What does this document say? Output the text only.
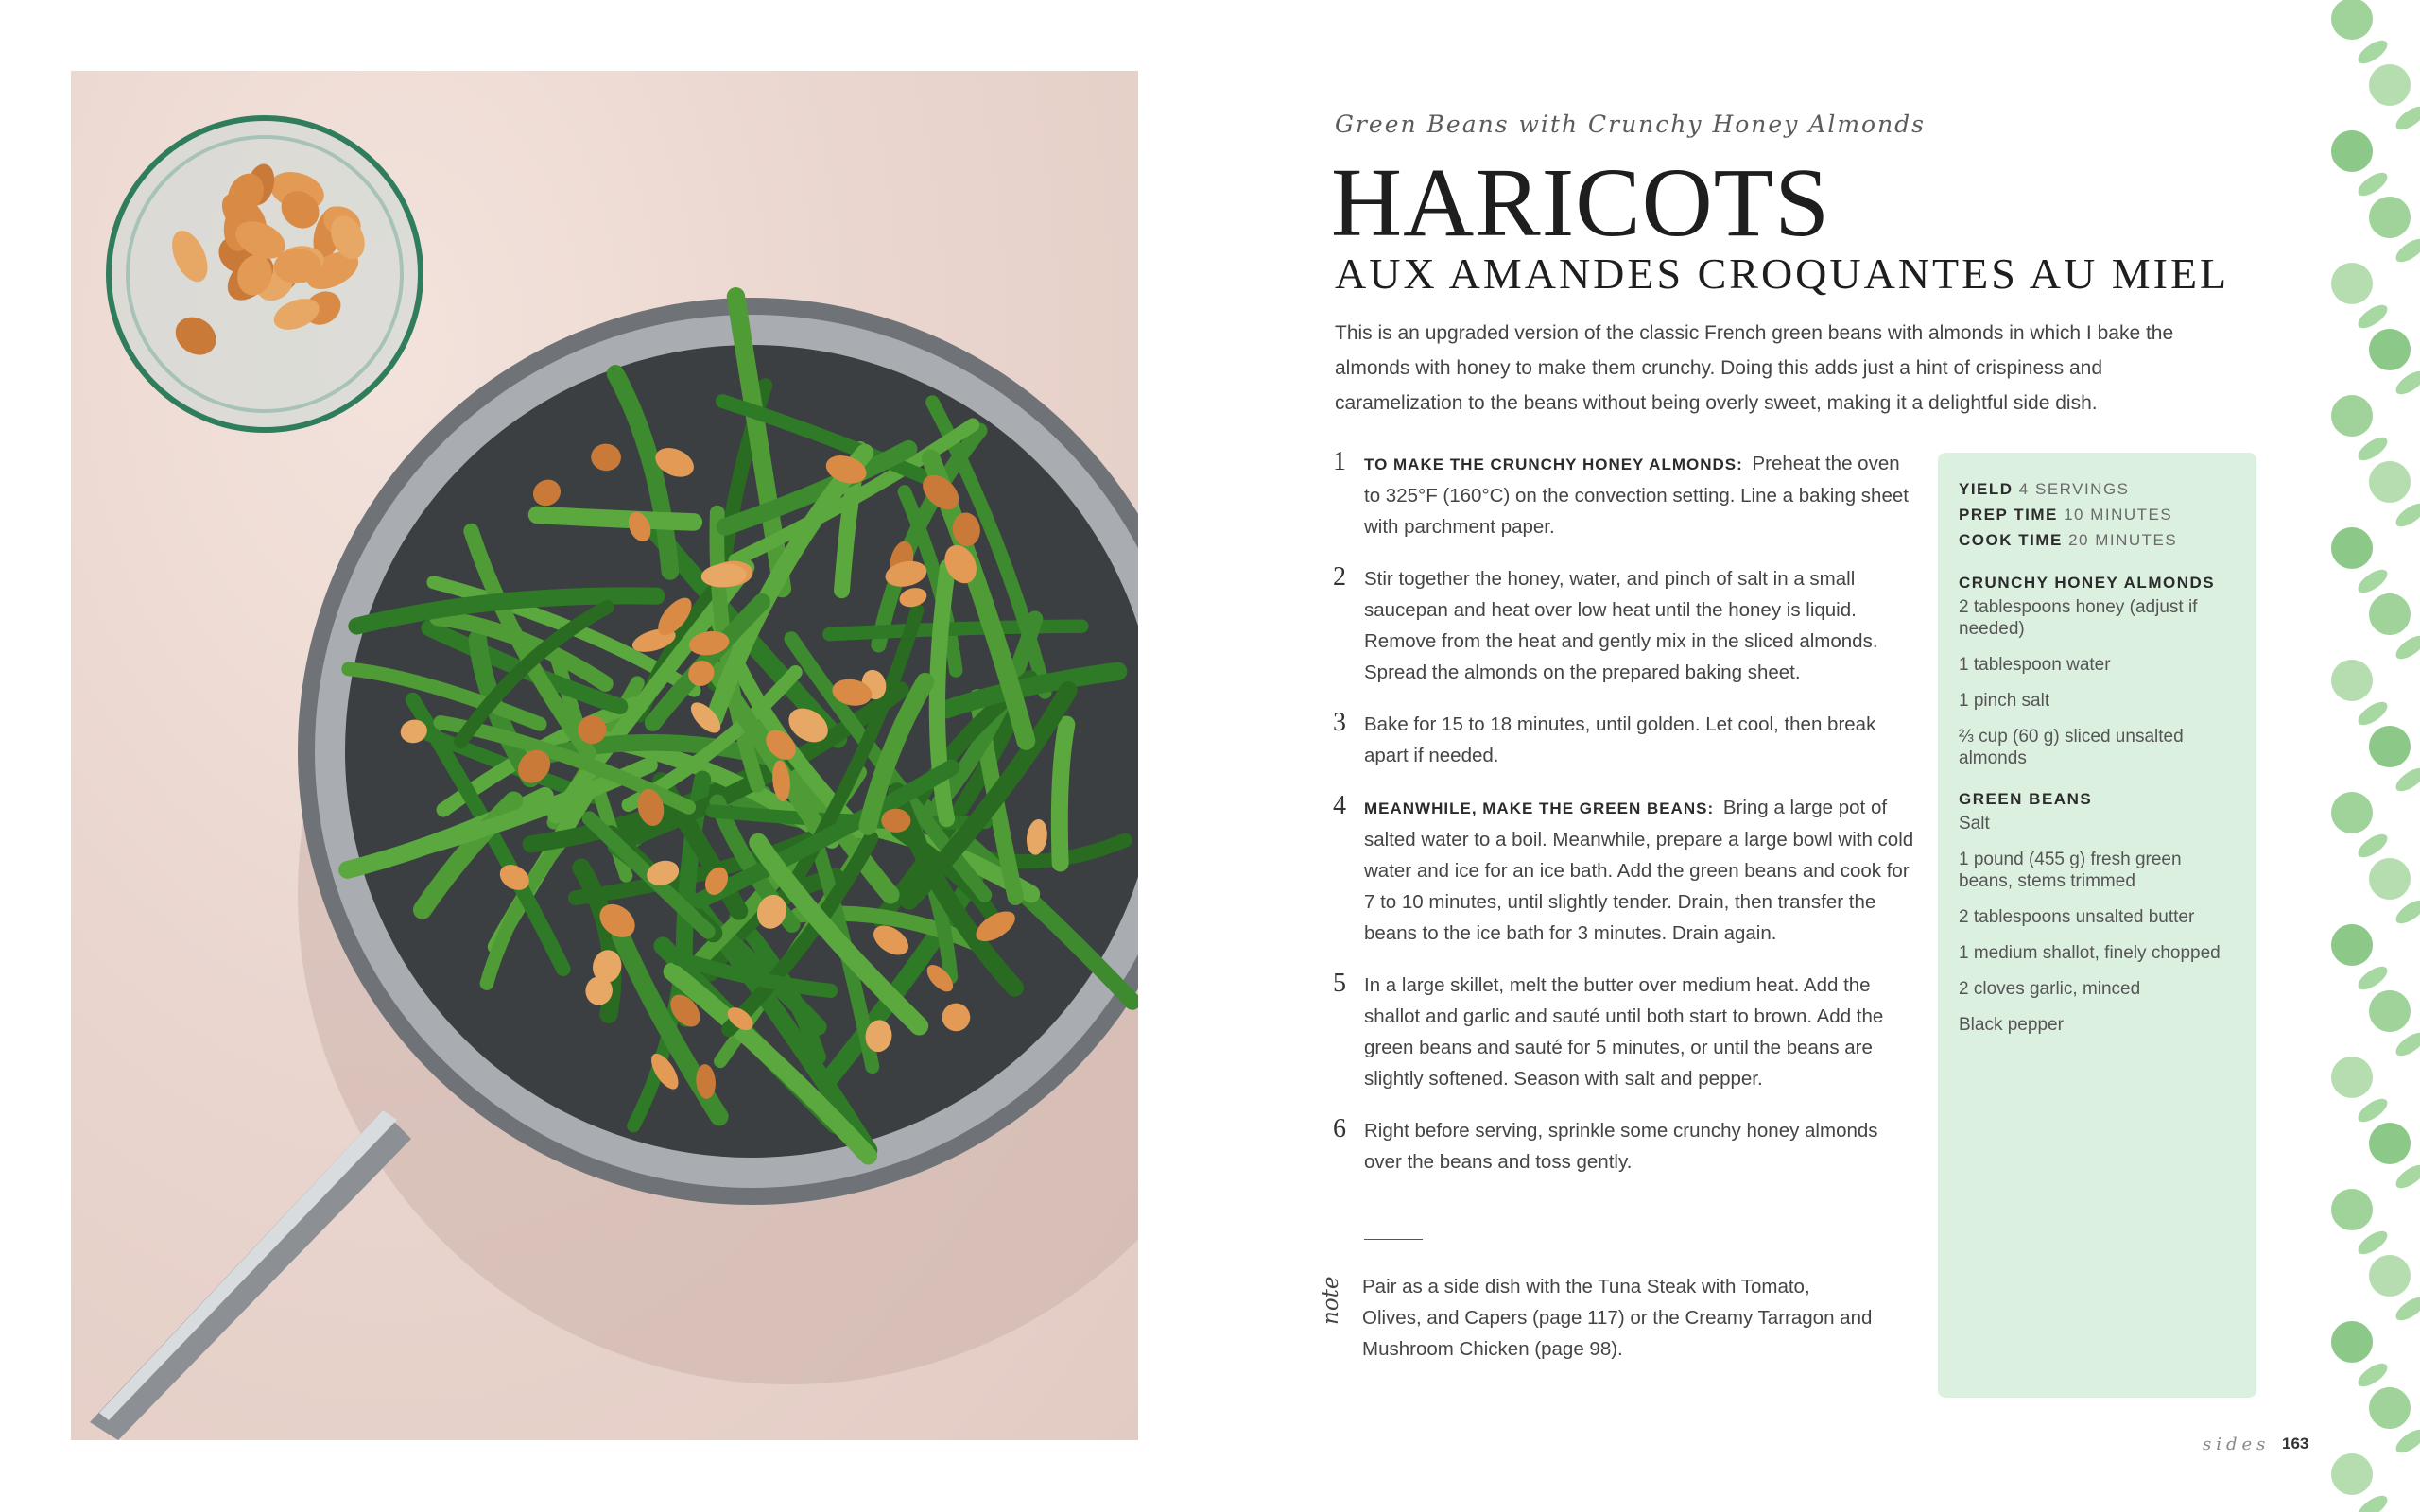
Green Beans with Crunchy Honey Almonds
HARICOTS
AUX AMANDES CROQUANTES AU MIEL
This is an upgraded version of the classic French green beans with almonds in which I bake the almonds with honey to make them crunchy. Doing this adds just a hint of crispiness and caramelization to the beans without being overly sweet, making it a delightful side dish.
1 TO MAKE THE CRUNCHY HONEY ALMONDS: Preheat the oven to 325°F (160°C) on the convection setting. Line a baking sheet with parchment paper.
2 Stir together the honey, water, and pinch of salt in a small saucepan and heat over low heat until the honey is liquid. Remove from the heat and gently mix in the sliced almonds. Spread the almonds on the prepared baking sheet.
3 Bake for 15 to 18 minutes, until golden. Let cool, then break apart if needed.
4 MEANWHILE, MAKE THE GREEN BEANS: Bring a large pot of salted water to a boil. Meanwhile, prepare a large bowl with cold water and ice for an ice bath. Add the green beans and cook for 7 to 10 minutes, until slightly tender. Drain, then transfer the beans to the ice bath for 3 minutes. Drain again.
5 In a large skillet, melt the butter over medium heat. Add the shallot and garlic and sauté until both start to brown. Add the green beans and sauté for 5 minutes, or until the beans are slightly softened. Season with salt and pepper.
6 Right before serving, sprinkle some crunchy honey almonds over the beans and toss gently.
note Pair as a side dish with the Tuna Steak with Tomato, Olives, and Capers (page 117) or the Creamy Tarragon and Mushroom Chicken (page 98).
YIELD 4 SERVINGS
PREP TIME 10 MINUTES
COOK TIME 20 MINUTES
CRUNCHY HONEY ALMONDS
2 tablespoons honey (adjust if needed)
1 tablespoon water
1 pinch salt
⅔ cup (60 g) sliced unsalted almonds
GREEN BEANS
Salt
1 pound (455 g) fresh green beans, stems trimmed
2 tablespoons unsalted butter
1 medium shallot, finely chopped
2 cloves garlic, minced
Black pepper
sides 163
